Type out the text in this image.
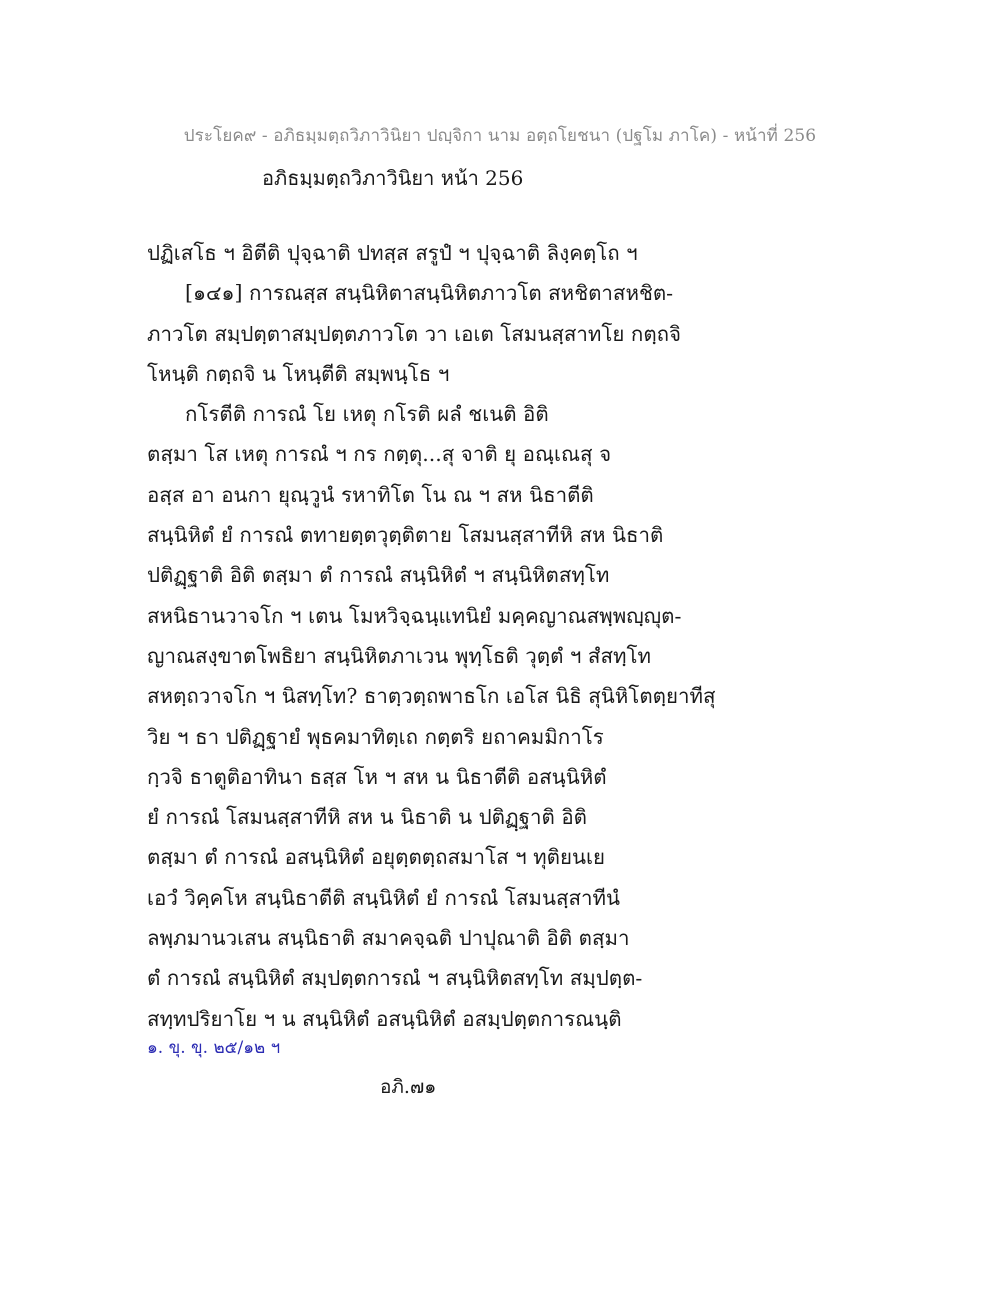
ประโยค๙ - อภิธมฺมตฺถวิภาวินิยา ปญฺจิกา นาม อตฺถโยชนา (ปฐโม ภาโค) - หน้าที่ 256
อภิธมฺมตฺถวิภาวินิยา หน้า 256
ปฏิเสโธ ฯ อิตีติ ปุจฺฉาติ ปทสฺส สรูปํ ฯ ปุจฺฉาติ ลิงฺคตฺโถ ฯ
[๑๔๑] การณสฺส สนฺนิหิตาสนฺนิหิตภาวโต สหชิตาสหชิต-
ภาวโต สมฺปตฺตาสมฺปตฺตภาวโต วา เอเต โสมนสฺสาทโย กตฺถจิ
โหนฺติ กตฺถจิ น โหนฺตีติ สมฺพนฺโธ ฯ
กโรตีติ การณํ โย เหตุ กโรติ ผลํ ชเนติ อิติ
ตสฺมา โส เหตุ การณํ ฯ กร กตฺตุ...สุ จาติ ยุ อณฺเณสุ จ
อสฺส อา อนกา ยุณฺวูนํ รหาทิโต โน ณ ฯ สห นิธาตีติ
สนฺนิหิตํ ยํ การณํ ตทายตฺตวุตฺติตาย โสมนสฺสาทีหิ สห นิธาติ
ปติฏฺฐาติ อิติ ตสฺมา ตํ การณํ สนฺนิหิตํ ฯ สนฺนิหิตสทฺโท
สหนิธานวาจโก ฯ เตน โมหวิจฺฉนฺแทนิยํ มคฺคญาณสพฺพญฺญุต-
ญาณสงฺขาตโพธิยา สนฺนิหิตภาเวน พุทฺโธติ วุตฺตํ ฯ สํสทฺโท
สหตฺถวาจโก ฯ นิสทฺโท? ธาตฺวตฺถพาธโก เอโส นิธิ สุนิหิโตตฺยาทีสุ
วิย ฯ ธา ปติฏฺฐายํ พุธคมาทิตฺเถ กตฺตริ ยถาคมมิกาโร
กฺวจิ ธาตูติอาทินา ธสฺส โห ฯ สห น นิธาตีติ อสนฺนิหิตํ
ยํ การณํ โสมนสฺสาทีหิ สห น นิธาติ น ปติฏฺฐาติ อิติ
ตสฺมา ตํ การณํ อสนฺนิหิตํ อยุตฺตตฺถสมาโส ฯ ทุติยนเย
เอวํ วิคฺคโห สนฺนิธาตีติ สนฺนิหิตํ ยํ การณํ โสมนสฺสาทีนํ
ลพฺภมานวเสน สนฺนิธาติ สมาคจฺฉติ ปาปุณาติ อิติ ตสฺมา
ตํ การณํ สนฺนิหิตํ สมฺปตฺตการณํ ฯ สนฺนิหิตสทฺโท สมฺปตฺต-
สทฺทปริยาโย ฯ น สนฺนิหิตํ อสนฺนิหิตํ อสมฺปตฺตการณนฺติ
๑. ขุ. ขุ. ๒๕/๑๒ ฯ
อภิ.๗๑
